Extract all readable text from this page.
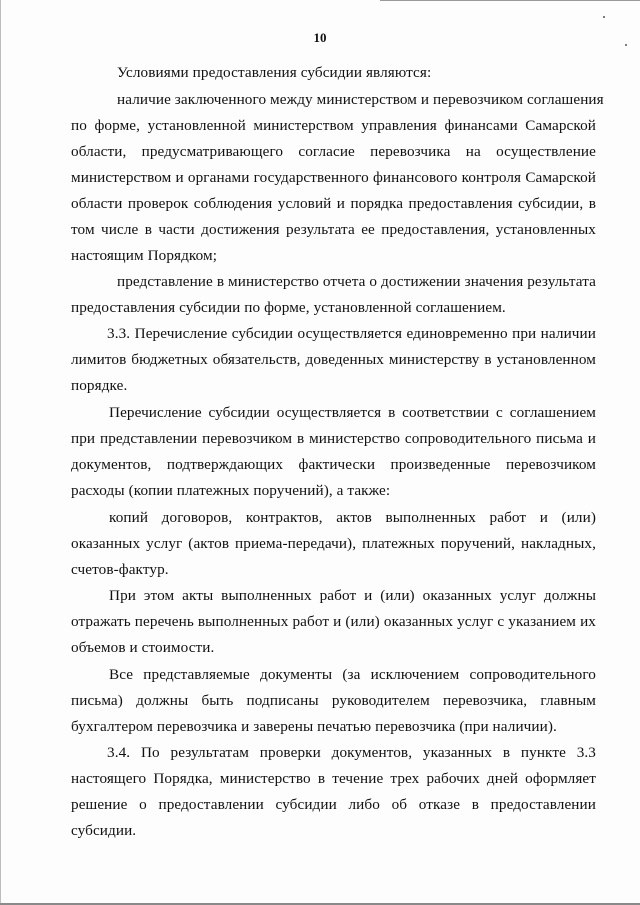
10
Условиями предоставления субсидии являются:
наличие заключенного между министерством и перевозчиком соглашения
по форме, установленной министерством управления финансами Самарской
области, предусматривающего согласие перевозчика на осуществление
министерством и органами государственного финансового контроля Самарской
области проверок соблюдения условий и порядка предоставления субсидии, в
том числе в части достижения результата ее предоставления, установленных
настоящим Порядком;
представление в министерство отчета о достижении значения результата
предоставления субсидии по форме, установленной соглашением.
3.3. Перечисление субсидии осуществляется единовременно при наличии
лимитов бюджетных обязательств, доведенных министерству в установленном
порядке.
Перечисление субсидии осуществляется в соответствии с соглашением
при представлении перевозчиком в министерство сопроводительного письма и
документов, подтверждающих фактически произведенные перевозчиком
расходы (копии платежных поручений), а также:
копий договоров, контрактов, актов выполненных работ и (или)
оказанных услуг (актов приема-передачи), платежных поручений, накладных,
счетов-фактур.
При этом акты выполненных работ и (или) оказанных услуг должны
отражать перечень выполненных работ и (или) оказанных услуг с указанием их
объемов и стоимости.
Все представляемые документы (за исключением сопроводительного
письма) должны быть подписаны руководителем перевозчика, главным
бухгалтером перевозчика и заверены печатью перевозчика (при наличии).
3.4. По результатам проверки документов, указанных в пункте 3.3
настоящего Порядка, министерство в течение трех рабочих дней оформляет
решение о предоставлении субсидии либо об отказе в предоставлении
субсидии.
